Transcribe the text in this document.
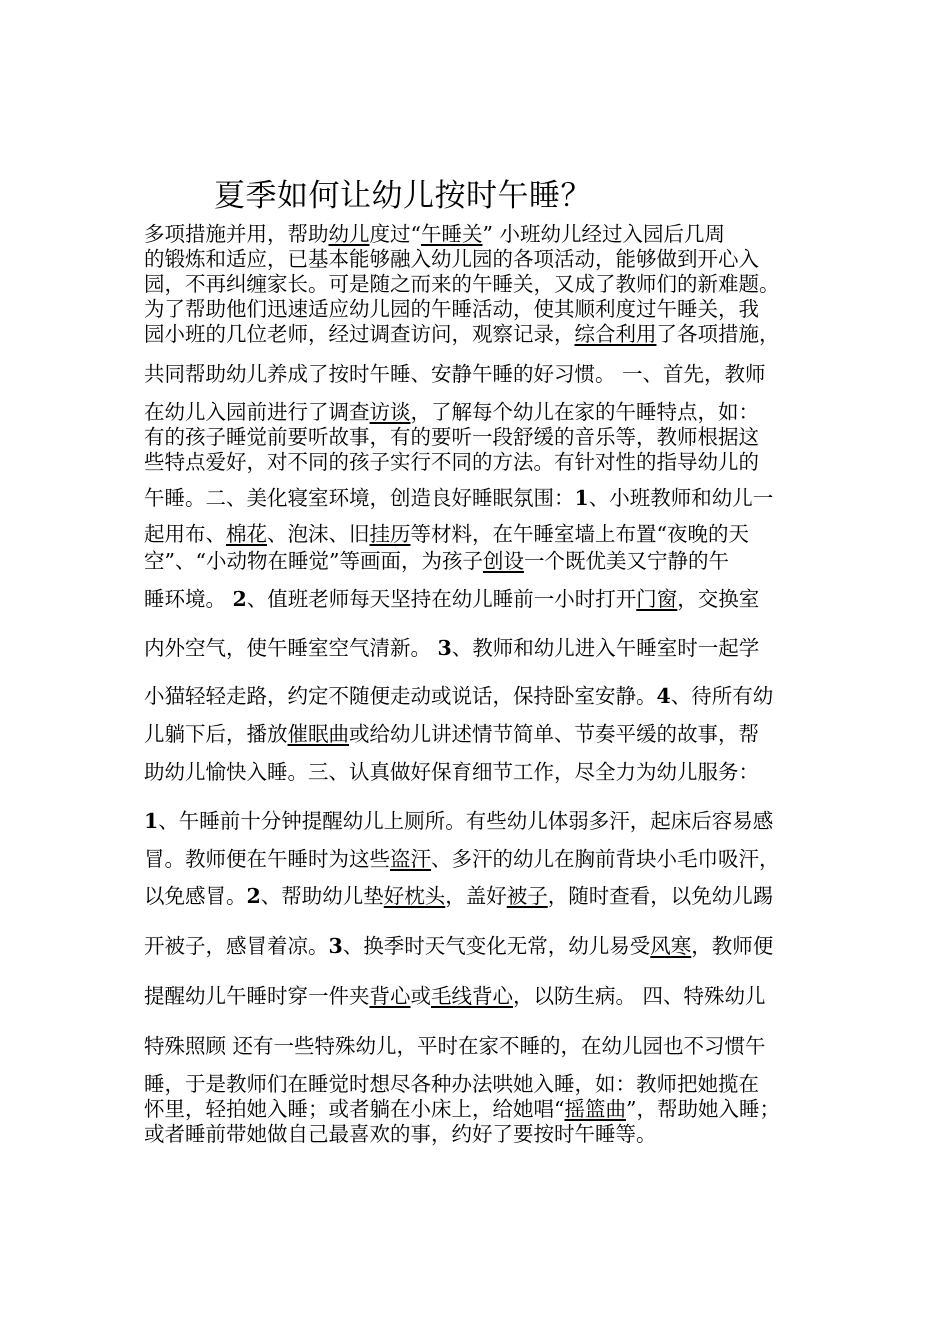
夏季如何让幼儿按时午睡？
多项措施并用，帮助幼儿度过“午睡关” 小班幼儿经过入园后几周
的锻炼和适应，已基本能够融入幼儿园的各项活动，能够做到开心入
园，不再纠缠家长。可是随之而来的午睡关，又成了教师们的新难题。
为了帮助他们迅速适应幼儿园的午睡活动，使其顺利度过午睡关，我
园小班的几位老师，经过调查访问，观察记录，综合利用了各项措施，
共同帮助幼儿养成了按时午睡、安静午睡的好习惯。 一、首先，教师
在幼儿入园前进行了调查访谈，了解每个幼儿在家的午睡特点，如：
有的孩子睡觉前要听故事，有的要听一段舒缓的音乐等，教师根据这
些特点爱好，对不同的孩子实行不同的方法。有针对性的指导幼儿的
午睡。二、美化寝室环境，创造良好睡眠氛围：1、小班教师和幼儿一
起用布、棉花、泡沫、旧挂历等材料，在午睡室墙上布置“夜晚的天
空”、“小动物在睡觉”等画面，为孩子创设一个既优美又宁静的午
睡环境。 2、值班老师每天坚持在幼儿睡前一小时打开门窗，交换室
内外空气，使午睡室空气清新。 3、教师和幼儿进入午睡室时一起学
小猫轻轻走路，约定不随便走动或说话，保持卧室安静。4、待所有幼
儿躺下后，播放催眠曲或给幼儿讲述情节简单、节奏平缓的故事，帮
助幼儿愉快入睡。三、认真做好保育细节工作，尽全力为幼儿服务：
1、午睡前十分钟提醒幼儿上厕所。有些幼儿体弱多汗，起床后容易感
冒。教师便在午睡时为这些盗汗、多汗的幼儿在胸前背块小毛巾吸汗，
以免感冒。2、帮助幼儿垫好枕头，盖好被子，随时查看，以免幼儿踢
开被子，感冒着凉。3、换季时天气变化无常，幼儿易受风寒，教师便
提醒幼儿午睡时穿一件夹背心或毛线背心，以防生病。 四、特殊幼儿
特殊照顾 还有一些特殊幼儿，平时在家不睡的，在幼儿园也不习惯午
睡，于是教师们在睡觉时想尽各种办法哄她入睡，如：教师把她揽在
怀里，轻拍她入睡；或者躺在小床上，给她唱“摇篮曲”，帮助她入睡；
或者睡前带她做自己最喜欢的事，约好了要按时午睡等。
